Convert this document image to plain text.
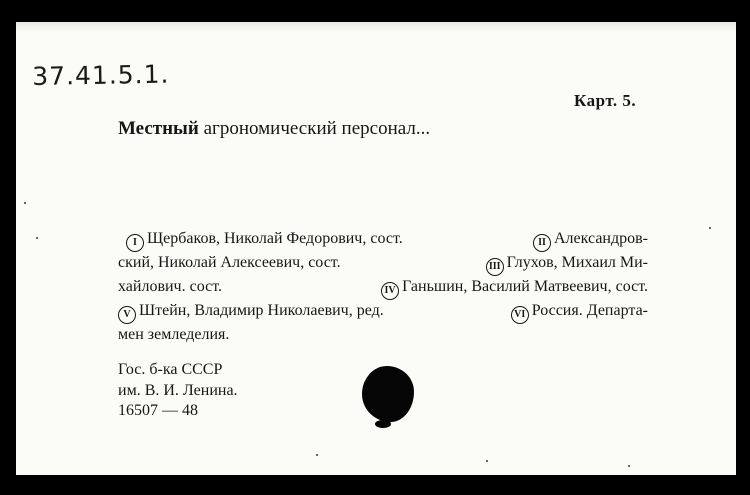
37.41.5.1.
Карт. 5.
Местный агрономический персонал...
I Щербаков, Николай Федорович, сост.	II Александров-
ский, Николай Алексеевич, сост.	III Глухов, Михаил Ми-
хайлович. сост.	IV Ганьшин, Василий Матвеевич, сост.
V Штейн, Владимир Николаевич, ред.	VI Россия. Департа-
мен земледелия.
Гос. б-ка СССР
им. В. И. Ленина.
16507 — 48
